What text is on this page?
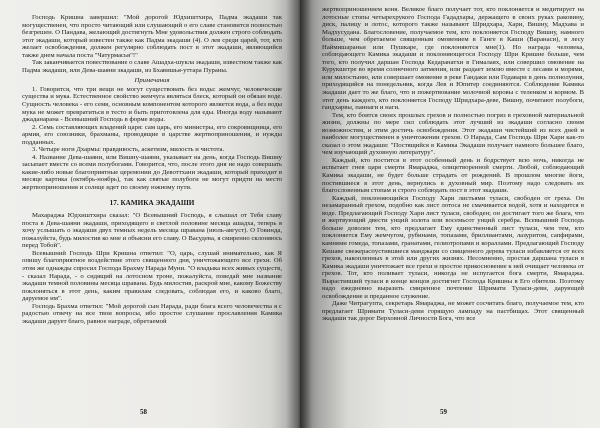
Господь Кришна завершил: "Мой дорогой Юдхиштхира, Падма экадаши так могущественен, что просто читающий или слушающий о его славе становится полностью безгрешен. О Пандава, желающий достигнуть Мне удовольствия должен строго соблюдать этот экадаши, который известен также как Падма экадаши (4). О лев среди царей, тот, кто желает освобождения, должен регулярно соблюдать пост в этот экадаши, являющийся также днем начала поста "Чатурмасья"!"

Так заканчивается повествование о славе Ашадха-шукла экадаши, известном также как Падма экадаши, или Дева-шаяни экадаши, из Бхавишья-уттара Пураны.

Примечания

1. Говорится, что три вещи не могут существовать без воды: жемчуг, человеческие существа и мука. Естественное свойство жемчуга являться блеск, который он обязан воде. Сущность человека - его семя, основным компонентом которого является вода, а без воды мука не может превратиться в тесто и быть приготовлена для еды. Иногда воду называют джаданарана - Всевышний Господь в форме воды.

2. Семь составляющих владений царя: сам царь, его министры, его сокровищница, его армия, его союзники, брахманы, проводящие в царстве жертвоприношения, и нужды подданных.

3. Четыре ноги Дхармы: правдивость, аскетизм, милость и чистота.

4. Название Дева-шаяни, или Вишну-шаяни, указывает на день, когда Господь Вишну засыпает вместе со всеми полубогами. Говорится, что, после этого дня не надо совершать какие-либо новые благоприятные церемонии до Девоттхани экадаши, который приходит в месяце картика (октябрь-ноябрь), так как святые полубоги не могут придти на место жертвоприношения и солнце идет по своему южному пути.

17. КАМИКА ЭКАДАШИ

Махараджа Юдхиштхира сказал: "О Всевышний Господь, я слышал от Тебя славу поста в Дева-шаяни экадаши, приходящего в светлой половине месяца ашадха, теперь я хочу услышать о экадаши двух темных недель месяца шравана (июль-август). О Говинда, пожалуйста, будь милостив ко мне и объясни его славу. О Васудева, я смиренно склоняюсь перед Тобой".

Всевышний Господь Шри Кришна ответил: "О, царь, слушай внимательно, как Я опишу благоприятное воздействие этого священного дня, уничтожающего все грехи. Об этом же однажды спросил Господа Брахму Нарада Муни. "О владыка всех живых существ, - сказал Нарада, - о сидящий на лотосном троне, пожалуйста, поведай мне название экадаши темной половины месяца шравана. Будь милостив, раскрой мне, какому Божеству поклоняться в этот день, каким правилам следовать, соблюдая его, и каково благо, даруемое им".

Господь Брахма ответил: "Мой дорогой сын Нарада, ради блага всего человечества я с радостью отвечу на все твои вопросы, ибо простое слушание прославления Камика экадаши дарует благо, равное награде, обретаемой

58

жертвоприношением коня. Великое благо получает тот, кто поклоняется и медитирует на лотосные стопы четырехрукого Господа Гададхары, держащего в своих руках раковину, диск, палицу и лотос, которого также называют Шридхара, Хари, Вишну, Мадхава и Мадхусудана. Благословение, получаемое тем, кто поклоняется Господу Вишну, намного больше, чем обретаемое священным омовением в Ганге в Каши (Варанаси), в лесу Наймишараньи или Пушкаре, где поклоняются мне(1). Но награда человека, соблюдающего Камика экадаши и поклоняющегося Господу Шри Кришне больше, чем того, кто получил даршан Господа Кедаранатхи в Гималаях, или совершил омовение на Курукшетре во время солнечного затмения, или раздает землю вместе с лесами и морями, или милостыню, или совершает омовение в реке Гандаки или Годавари в день полнолуния, приходящийся на понедельник, когда Лев и Юпитер соединяются. Соблюдение Камика экадаши дает то же благо, что и пожертвование молочной коровы с теленком и кормом. В этот день каждого, кто поклоняется Господу Шридхара-деве, Вишну, почитают полубоги, гандхарвы, паннаги и наги.

Тем, кто боится своих прошлых грехов и полностью погряз в греховной материальной жизни, должны по мере сил соблюдать этот лучший из экадаши согласно своим возможностям, и этим достичь освобождения. Этот экадаши чистейший из всех дней и наиболее могущественен в уничтожении грехов. О Нарада, Сам Господь Шри Хари как-то сказал о этом экадаши: "Постящийся в Камика Экадаши получает намного большее благо, чем изучающий духовную литературу".

Каждый, кто постится в этот особенный день и бодрствует всю ночь, никогда не испытает гнев царя смерти Ямараджа, олицетворенной смерти. Любой, соблюдающий Камика экадаши, не будет больше страдать от рождений. В прошлом многие йоги, постившиеся в этот день, вернулись в духовный мир. Поэтому надо следовать их благословенным стопам и строго соблюдать пост в этот экадаши.

Каждый, поклоняющийся Господу Хари листьями туласи, свободен от греха. Он незамаранный грехом, подобно как лист лотоса не смачивается водой, хотя и находится в воде. Предлагающий Господу Хари лист туласи, свободен; он достигает того же блага, что и жертвующий двести унций золота или восемьсот унций серебра. Всевышний Господь больше доволен тем, кто предлагает Ему единственный лист туласи, чем тем, кто поклоняется Ему жемчугом, рубинами, топазами, бриллиантами, лазуритом, сапфирами, камнями гомеда, топазами, гранатами, гелиотропами и кораллами. Предлагающий Господу Кешаве свежераспустившиеся манджари со священного дерева туласи избавляется от всех грехов, накопленных в этой или других жизнях. Несомненно, простая даршана туласи в Камика экадаши уничтожает все грехи и простое прикосновение к ней очищает человека от грехов. Тот, кто поливает туласи, никогда не испугается бога смерти, Ямараджа. Вырастивший туласи в конце концов достигнет Господа Кришны в Его обители. Поэтому надо ежедневно выразить смиренное почтение Шримати Туласи-деви, дарующей освобождение и преданное служение.

Даже Читрагупта, секретарь Ямараджа, не может сосчитать благо, получаемое тем, кто предлагает Шримати Туласи-деви горящую лампаду на пастбищах. Этот священный экадаши так дорог Верховной Личности Бога, что все

59
